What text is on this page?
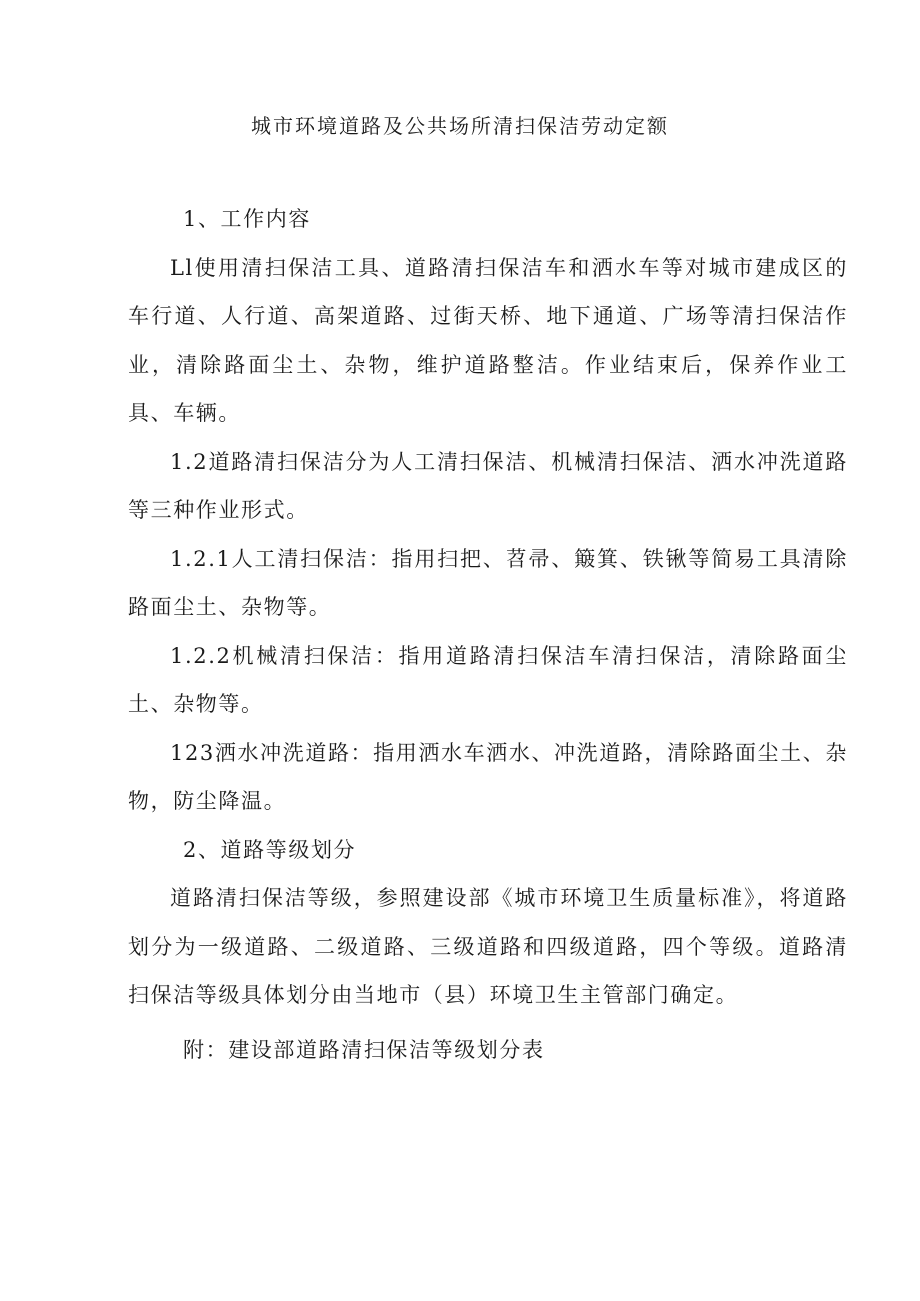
城市环境道路及公共场所清扫保洁劳动定额

1、工作内容

Ll使用清扫保洁工具、道路清扫保洁车和洒水车等对城市建成区的车行道、人行道、高架道路、过街天桥、地下通道、广场等清扫保洁作业，清除路面尘土、杂物，维护道路整洁。作业结束后，保养作业工具、车辆。

1.2道路清扫保洁分为人工清扫保洁、机械清扫保洁、洒水冲洗道路等三种作业形式。

1.2.1人工清扫保洁：指用扫把、苕帚、簸箕、铁锹等简易工具清除路面尘土、杂物等。

1.2.2机械清扫保洁：指用道路清扫保洁车清扫保洁，清除路面尘土、杂物等。

123洒水冲洗道路：指用洒水车洒水、冲洗道路，清除路面尘土、杂物，防尘降温。

2、道路等级划分

道路清扫保洁等级，参照建设部《城市环境卫生质量标准》，将道路划分为一级道路、二级道路、三级道路和四级道路，四个等级。道路清扫保洁等级具体划分由当地市（县）环境卫生主管部门确定。

附：建设部道路清扫保洁等级划分表
